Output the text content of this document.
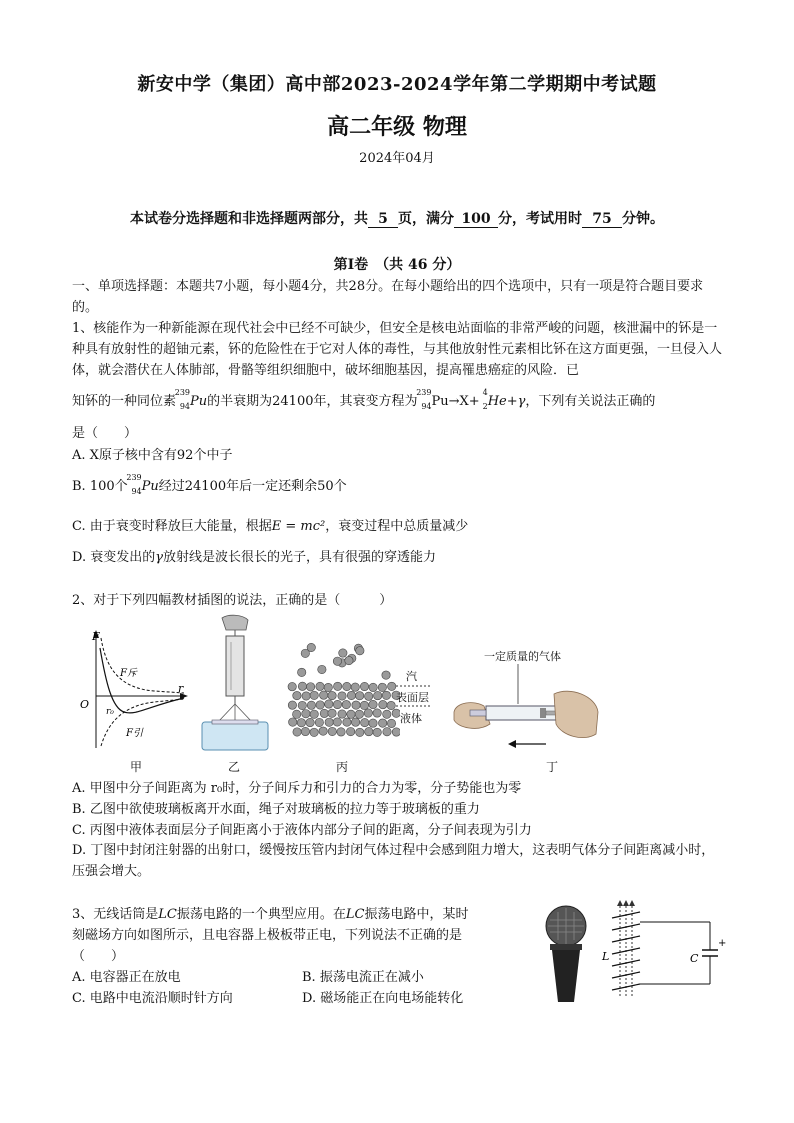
新安中学（集团）高中部2023-2024学年第二学期期中考试题
高二年级 物理
2024年04月
本试卷分选择题和非选择题两部分，共 5 页，满分 100 分，考试用时 75 分钟。
第Ⅰ卷　（共 46 分）
一、单项选择题：本题共7小题，每小题4分，共28分。在每小题给出的四个选项中，只有一项是符合题目要求的。
1、核能作为一种新能源在现代社会中已经不可缺少，但安全是核电站面临的非常严峻的问题，核泄漏中的钚是一种具有放射性的超铀元素，钚的危险性在于它对人体的毒性，与其他放射性元素相比钚在这方面更强，一旦侵入人体，就会潜伏在人体肺部，骨骼等组织细胞中，破坏细胞基因，提高罹患癌症的风险．已
知钚的一种同位素
239
94 Pu的半衰期为24100年，其衰变方程为
239
94 Pu→X+
4
2 He+γ，下列有关说法正确的
是（　　）
A. X原子核中含有92个中子
B. 100个
239
94 Pu经过24100年后一定还剩余50个
C. 由于衰变时释放巨大能量，根据E = mc²，衰变过程中总质量减少
D. 衰变发出的γ放射线是波长很长的光子，具有很强的穿透能力
2、对于下列四幅教材插图的说法，正确的是（　　　）
F
F斥
r
O
r₀
F引
甲	乙
汽
表面层
液体
丙
一定质量的气体
丁
A. 甲图中分子间距离为 r₀时，分子间斥力和引力的合力为零，分子势能也为零
B. 乙图中欲使玻璃板离开水面，绳子对玻璃板的拉力等于玻璃板的重力
C. 丙图中液体表面层分子间距离小于液体内部分子间的距离，分子间表现为引力
D. 丁图中封闭注射器的出射口，缓慢按压管内封闭气体过程中会感到阻力增大，这表明气体分子间距离减小时，压强会增大。
3、无线话筒是LC振荡电路的一个典型应用。在LC振荡电路中，某时
刻磁场方向如图所示，且电容器上极板带正电，下列说法不正确的是
（　　）
A. 电容器正在放电	B. 振荡电流正在减小
C. 电路中电流沿顺时针方向	D. 磁场能正在向电场能转化
L	C
+
